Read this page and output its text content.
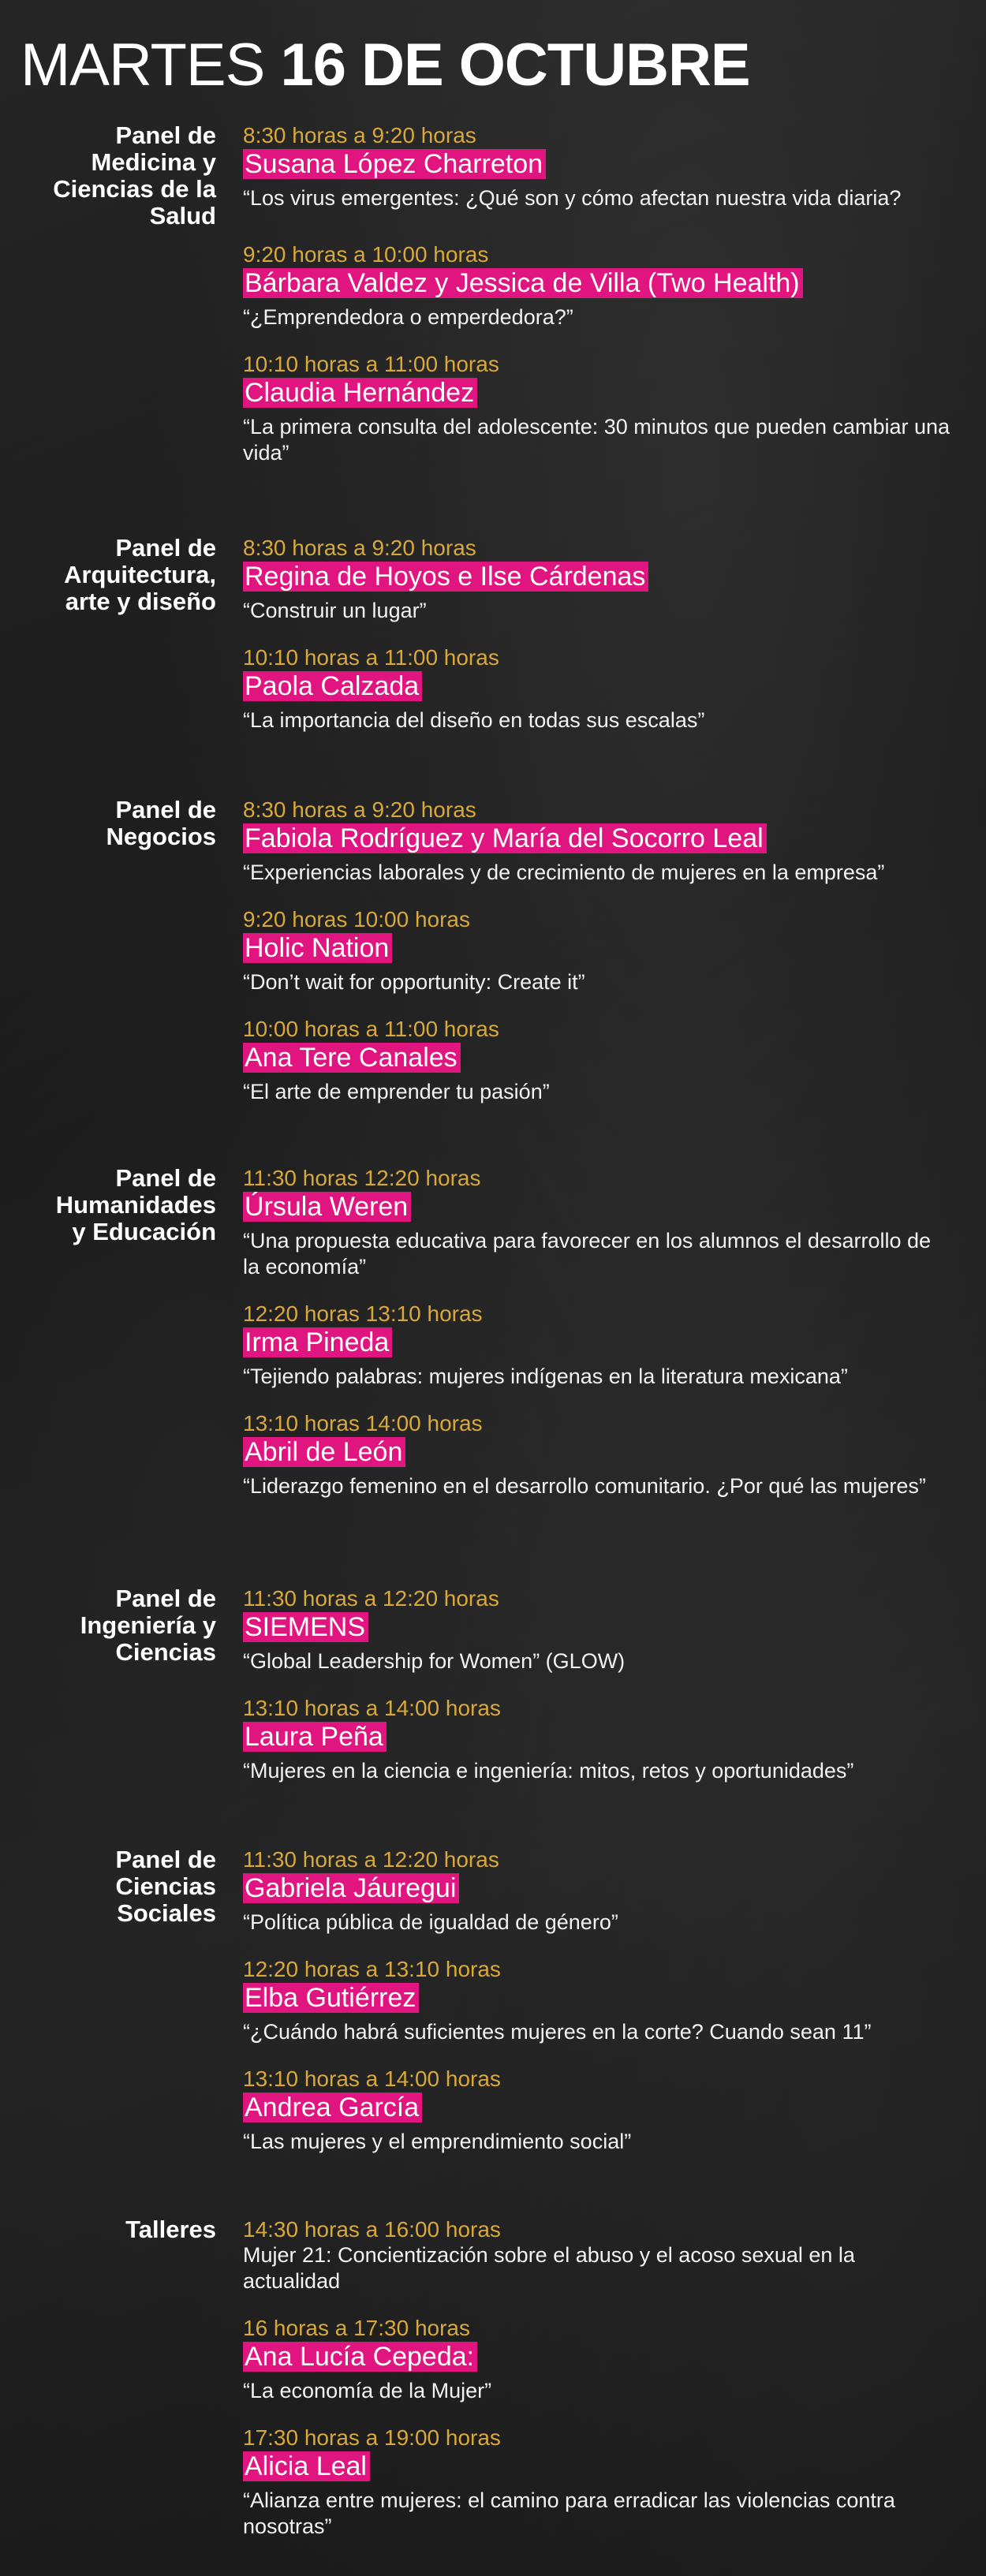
MARTES 16 DE OCTUBRE
Panel de
Medicina y
Ciencias de la
Salud
8:30 horas a 9:20 horas
Susana López Charreton
“Los virus emergentes: ¿Qué son y cómo afectan nuestra vida diaria?
9:20 horas a 10:00 horas
Bárbara Valdez y Jessica de Villa (Two Health)
“¿Emprendedora o emperdedora?”
10:10 horas a 11:00 horas
Claudia Hernández
“La primera consulta del adolescente: 30 minutos que pueden cambiar una vida”
Panel de
Arquitectura,
arte y diseño
8:30 horas a 9:20 horas
Regina de Hoyos e Ilse Cárdenas
“Construir un lugar”
10:10 horas a 11:00 horas
Paola Calzada
“La importancia del diseño en todas sus escalas”
Panel de
Negocios
8:30 horas a 9:20 horas
Fabiola Rodríguez y María del Socorro Leal
“Experiencias laborales y de crecimiento de mujeres en la empresa”
9:20 horas 10:00 horas
Holic Nation
“Don’t wait for opportunity: Create it”
10:00 horas a 11:00 horas
Ana Tere Canales
“El arte de emprender tu pasión”
Panel de
Humanidades
y Educación
11:30 horas 12:20 horas
Úrsula Weren
“Una propuesta educativa para favorecer en los alumnos el desarrollo de la economía”
12:20 horas 13:10 horas
Irma Pineda
“Tejiendo palabras: mujeres indígenas en la literatura mexicana”
13:10 horas 14:00 horas
Abril de León
“Liderazgo femenino en el desarrollo comunitario. ¿Por qué las mujeres”
Panel de
Ingeniería y
Ciencias
11:30 horas a 12:20 horas
SIEMENS
“Global Leadership for Women” (GLOW)
13:10 horas a 14:00 horas
Laura Peña
“Mujeres en la ciencia e ingeniería: mitos, retos y oportunidades”
Panel de
Ciencias
Sociales
11:30 horas a 12:20 horas
Gabriela Jáuregui
“Política pública de igualdad de género”
12:20 horas a 13:10 horas
Elba Gutiérrez
“¿Cuándo habrá suficientes mujeres en la corte? Cuando sean 11”
13:10 horas a 14:00 horas
Andrea García
“Las mujeres y el emprendimiento social”
Talleres 14:30 horas a 16:00 horas
Mujer 21: Concientización sobre el abuso y el acoso sexual en la actualidad
16 horas a 17:30 horas
Ana Lucía Cepeda:
“La economía de la Mujer”
17:30 horas a 19:00 horas
Alicia Leal
“Alianza entre mujeres: el camino para erradicar las violencias contra nosotras”
